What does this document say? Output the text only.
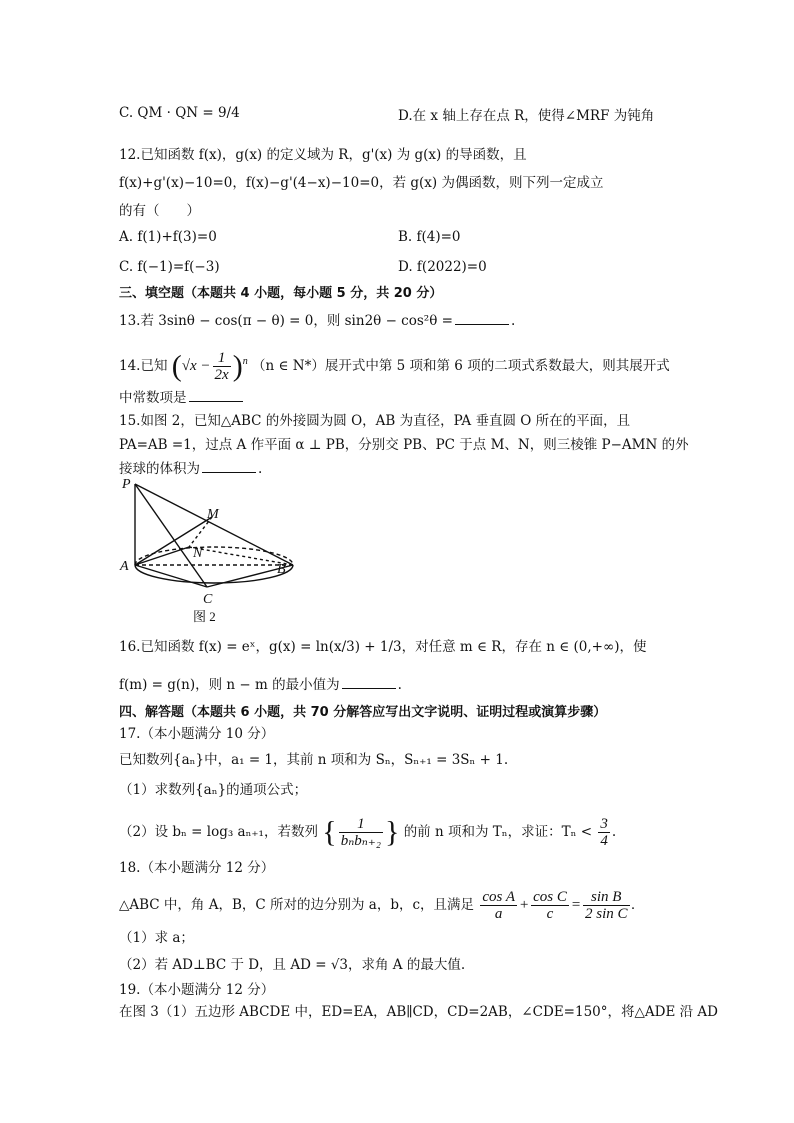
C. QM · QN = 9/4	D.在 x 轴上存在点 R，使得∠MRF 为钝角
12.已知函数 f(x)，g(x) 的定义域为 R，g'(x) 为 g(x) 的导函数，且
f(x)+g'(x)−10=0，f(x)−g'(4−x)−10=0，若 g(x) 为偶函数，则下列一定成立
的有（　　）
A. f(1)+f(3)=0	B. f(4)=0
C. f(−1)=f(−3)	D. f(2022)=0
三、填空题（本题共 4 小题，每小题 5 分，共 20 分）
13.若 3sinθ − cos(π − θ) = 0，则 sin2θ − cos²θ =	.
14.已知 $(√x - \frac{1}{2x} )^n$ （n ∈ N*）展开式中第 5 项和第 6 项的二项式系数最大，则其展开式
中常数项是
15.如图 2，已知△ABC 的外接圆为圆 O，AB 为直径，PA 垂直圆 O 所在的平面，且
PA=AB =1，过点 A 作平面 α ⊥ PB，分别交 PB、PC 于点 M、N，则三棱锥 P−AMN 的外
接球的体积为	.
P
M
N
A	B
C
图 2
16.已知函数 f(x) = eˣ，g(x) = ln(x/3) + 1/3，对任意 m ∈ R，存在 n ∈ (0,+∞)，使
f(m) = g(n)，则 n − m 的最小值为	.
四、解答题（本题共 6 小题，共 70 分解答应写出文字说明、证明过程或演算步骤）
17.（本小题满分 10 分）
已知数列{aₙ}中，a₁ = 1，其前 n 项和为 Sₙ，Sₙ₊₁ = 3Sₙ + 1.
（1）求数列{aₙ}的通项公式；
（2）设 bₙ = log₃ aₙ₊₁，若数列 { $\frac{1}{\text{bₙbₙ₊₂}}$ } 的前 n 项和为 Tₙ，求证：$T_n < \frac{3}{4}$ .
18.（本小题满分 12 分）
△ABC 中，角 A，B，C 所对的边分别为 a，b，c，且满足 $\frac{\text{cos A}}{a} + \frac{\text{cos C}}{c} = \frac{\text{sin B}}{\text{2 sin C}}$ .
（1）求 a；
（2）若 AD⊥BC 于 D，且 AD = √3，求角 A 的最大值.
19.（本小题满分 12 分）
在图 3（1）五边形 ABCDE 中，ED=EA，AB∥CD，CD=2AB，∠CDE=150°，将△ADE 沿 AD
